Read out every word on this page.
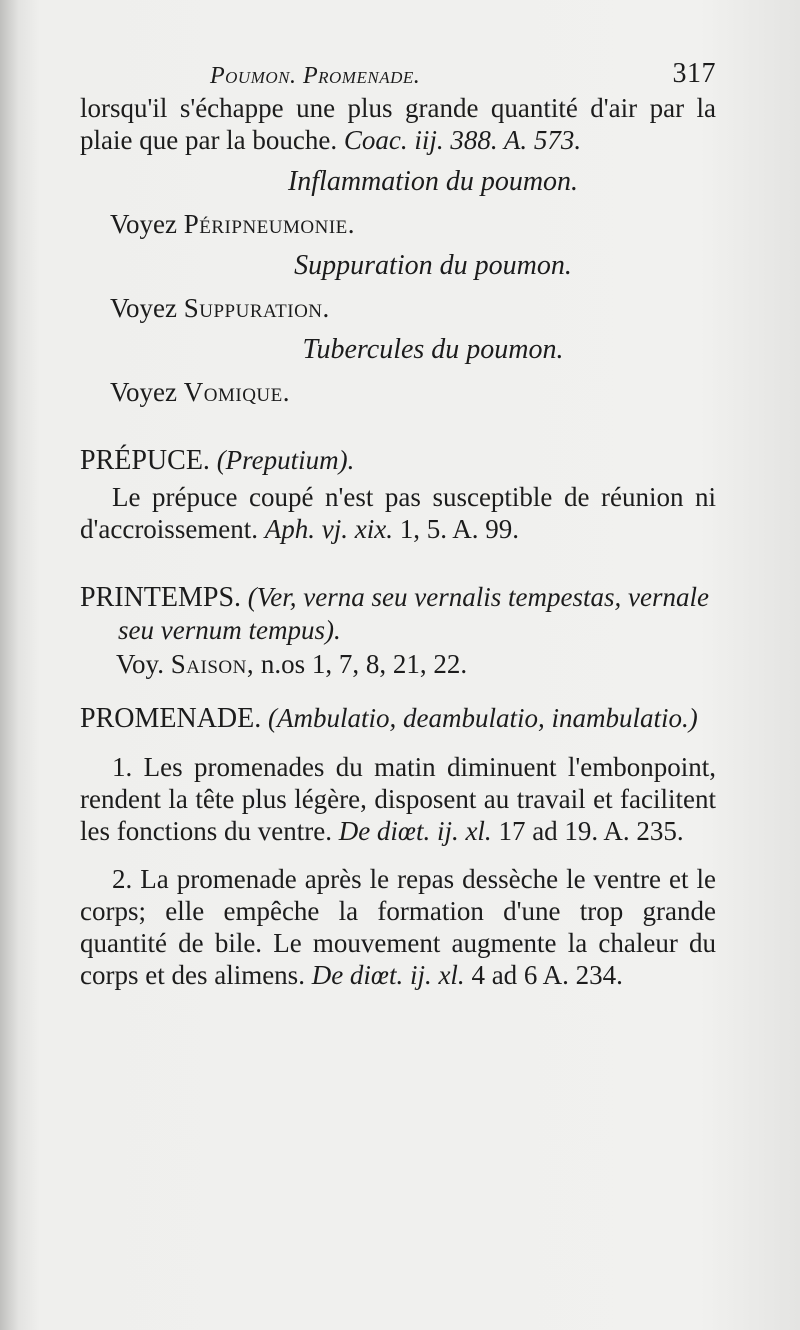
Poumon. Promenade.	317

lorsqu'il s'échappe une plus grande quantité d'air par la plaie que par la bouche. Coac. iij. 388. A. 573.

Inflammation du poumon.
Voyez Péripneumonie.
Suppuration du poumon.
Voyez Suppuration.
Tubercules du poumon.
Voyez Vomique.
PRÉPUCE. (Preputium).

Le prépuce coupé n'est pas susceptible de réunion ni d'accroissement. Aph. vj. xix. 1, 5. A. 99.

PRINTEMPS. (Ver, verna seu vernalis tempestas, vernale seu vernum tempus).

Voy. Saison, n.os 1, 7, 8, 21, 22.

PROMENADE. (Ambulatio, deambulatio, inambulatio.)

1. Les promenades du matin diminuent l'embonpoint, rendent la tête plus légère, disposent au travail et facilitent les fonctions du ventre. De diœt. ij. xl. 17 ad 19. A. 235.

2. La promenade après le repas dessèche le ventre et le corps; elle empêche la formation d'une trop grande quantité de bile. Le mouvement augmente la chaleur du corps et des alimens. De diœt. ij. xl. 4 ad 6 A. 234.
